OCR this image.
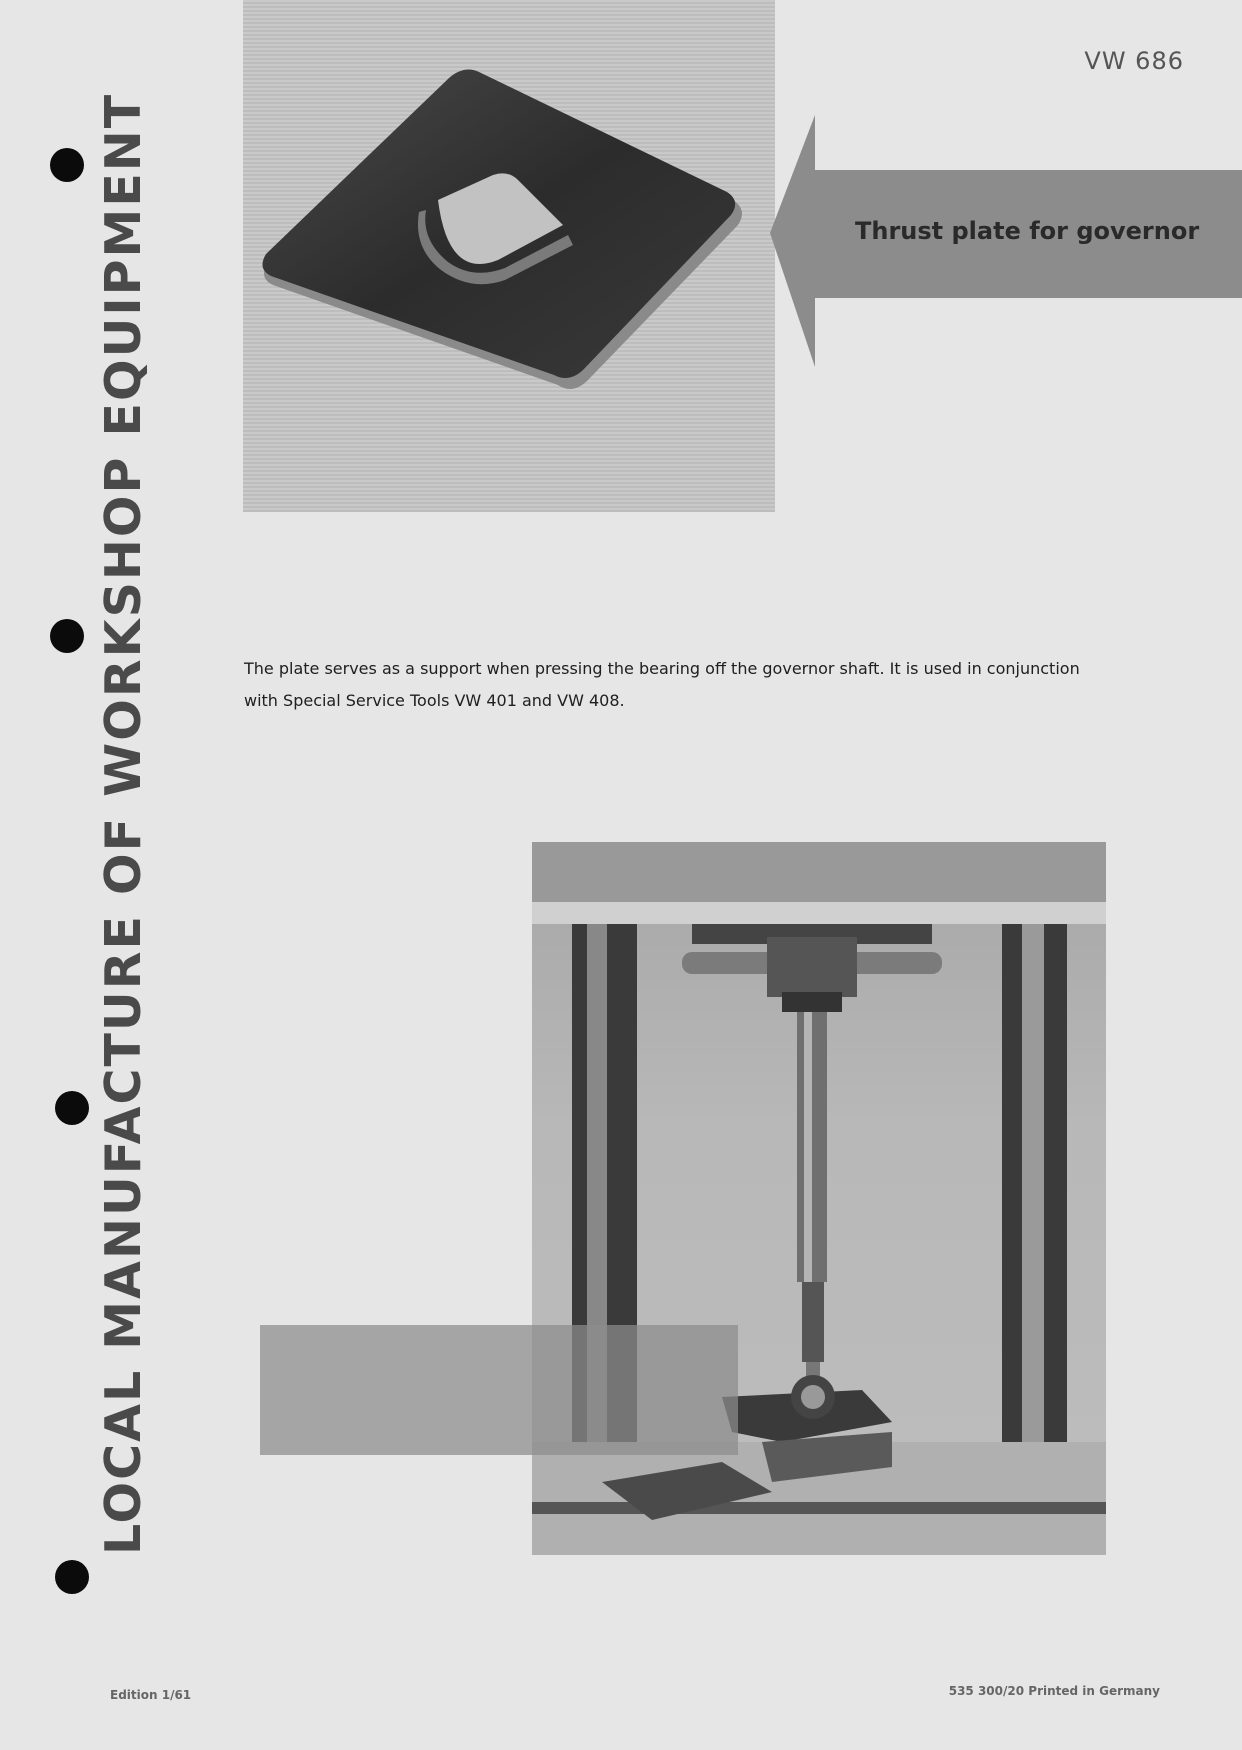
LOCAL MANUFACTURE OF WORKSHOP EQUIPMENT
VW 686
Thrust plate for governor
The plate serves as a support when pressing the bearing off the governor shaft. It is used in conjunction
with Special Service Tools VW 401 and VW 408.
Edition 1/61	535 300/20 Printed in Germany
